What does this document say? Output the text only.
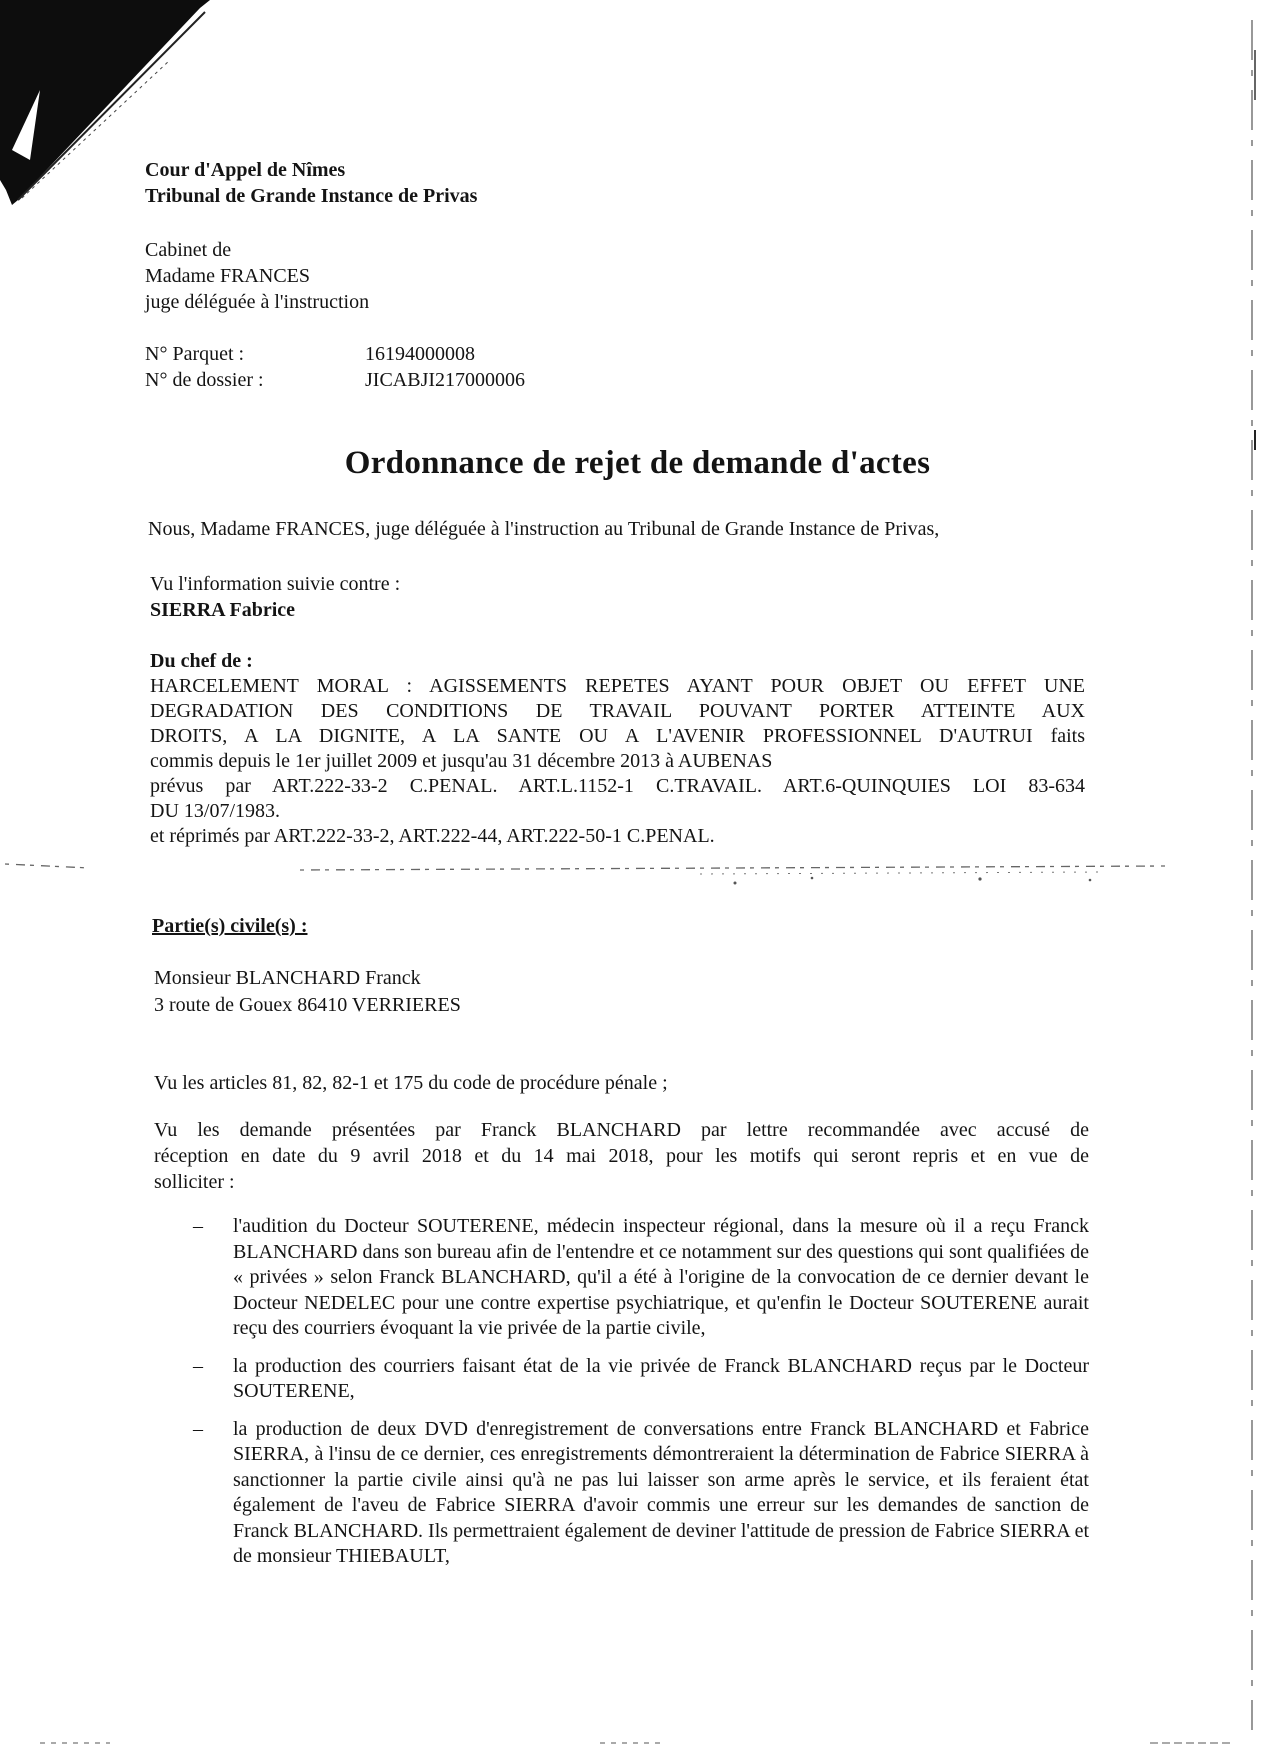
Cour d'Appel de Nîmes
Tribunal de Grande Instance de Privas
Cabinet de
Madame FRANCES
juge déléguée à l'instruction
N° Parquet :	16194000008
N° de dossier :	JICABJI217000006
Ordonnance de rejet de demande d'actes
Nous, Madame FRANCES, juge déléguée à l'instruction au Tribunal de Grande Instance de Privas,
Vu l'information suivie contre :
SIERRA Fabrice
Du chef de :

HARCELEMENT MORAL : AGISSEMENTS REPETES AYANT POUR OBJET OU EFFET UNE

DEGRADATION DES CONDITIONS DE TRAVAIL POUVANT PORTER ATTEINTE AUX

DROITS, A LA DIGNITE, A LA SANTE OU A L'AVENIR PROFESSIONNEL D'AUTRUI faits

commis depuis le 1er juillet 2009 et jusqu'au 31 décembre 2013 à AUBENAS

prévus par ART.222-33-2 C.PENAL. ART.L.1152-1 C.TRAVAIL. ART.6-QUINQUIES LOI 83-634

DU 13/07/1983.

et réprimés par ART.222-33-2, ART.222-44, ART.222-50-1 C.PENAL.

Partie(s) civile(s) :
Monsieur BLANCHARD Franck
3 route de Gouex 86410 VERRIERES
Vu les articles 81, 82, 82-1 et 175 du code de procédure pénale ;

Vu les demande présentées par Franck BLANCHARD par lettre recommandée avec accusé de

réception en date du 9 avril 2018 et du 14 mai 2018, pour les motifs qui seront repris et en vue de

solliciter :

– l'audition du Docteur SOUTERENE, médecin inspecteur régional, dans la mesure où il a reçu Franck BLANCHARD dans son bureau afin de l'entendre et ce notamment sur des questions qui sont qualifiées de « privées » selon Franck BLANCHARD, qu'il a été à l'origine de la convocation de ce dernier devant le Docteur NEDELEC pour une contre expertise psychiatrique, et qu'enfin le Docteur SOUTERENE aurait reçu des courriers évoquant la vie privée de la partie civile,
– la production des courriers faisant état de la vie privée de Franck BLANCHARD reçus par le Docteur SOUTERENE,
– la production de deux DVD d'enregistrement de conversations entre Franck BLANCHARD et Fabrice SIERRA, à l'insu de ce dernier, ces enregistrements démontreraient la détermination de Fabrice SIERRA à sanctionner la partie civile ainsi qu'à ne pas lui laisser son arme après le service, et ils feraient état également de l'aveu de Fabrice SIERRA d'avoir commis une erreur sur les demandes de sanction de Franck BLANCHARD. Ils permettraient également de deviner l'attitude de pression de Fabrice SIERRA et de monsieur THIEBAULT,
